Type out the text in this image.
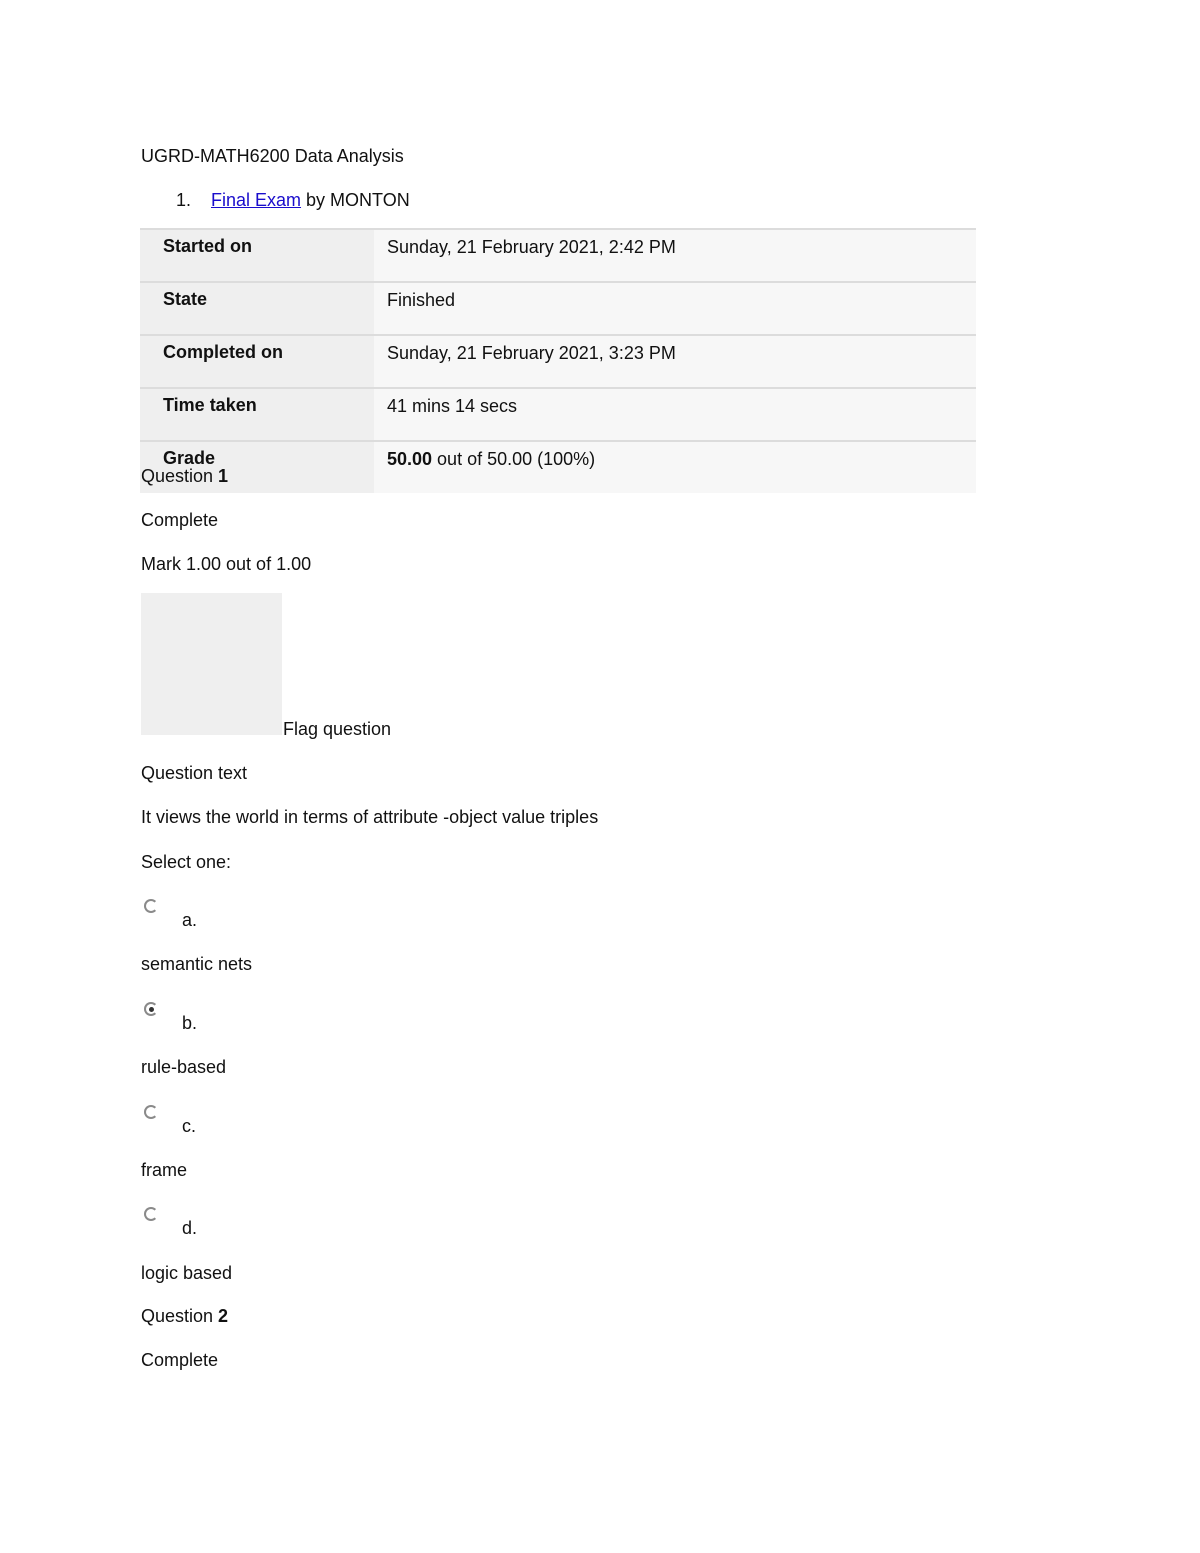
UGRD-MATH6200 Data Analysis
1. Final Exam by MONTON
Started on	Sunday, 21 February 2021, 2:42 PM
State	Finished
Completed on	Sunday, 21 February 2021, 3:23 PM
Time taken	41 mins 14 secs
Grade	50.00 out of 50.00 (100%)
Question 1
Complete
Mark 1.00 out of 1.00
Flag question
Question text
It views the world in terms of attribute -object value triples
Select one:
a.
semantic nets
b.
rule-based
c.
frame
d.
logic based
Question 2
Complete
